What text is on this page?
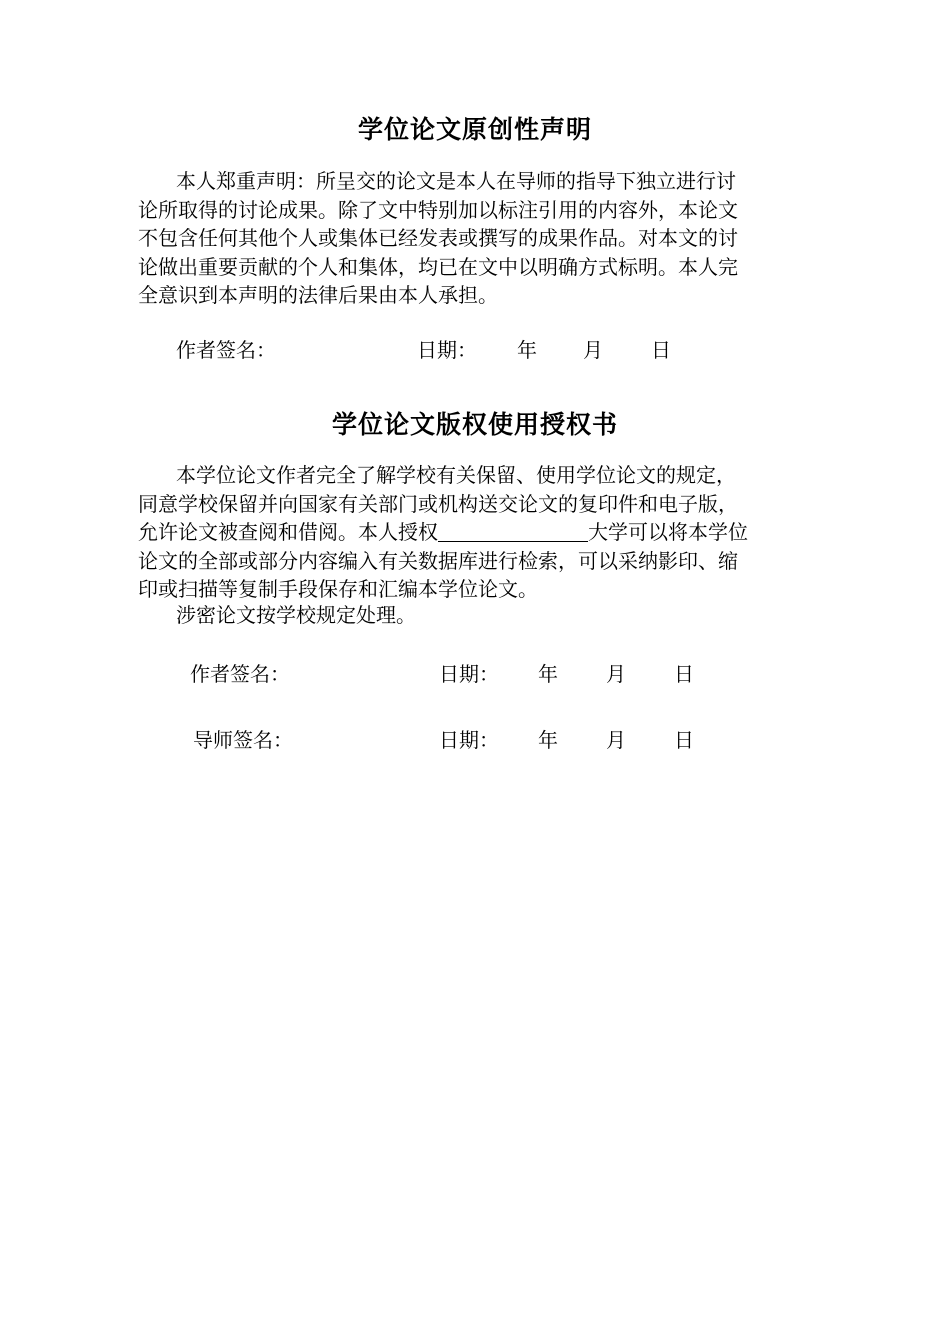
学位论文原创性声明
本人郑重声明：所呈交的论文是本人在导师的指导下独立进行讨
论所取得的讨论成果。除了文中特别加以标注引用的内容外，本论文
不包含任何其他个人或集体已经发表或撰写的成果作品。对本文的讨
论做出重要贡献的个人和集体，均已在文中以明确方式标明。本人完
全意识到本声明的法律后果由本人承担。
作者签名：	日期： 年 月 日
学位论文版权使用授权书
本学位论文作者完全了解学校有关保留、使用学位论文的规定，
同意学校保留并向国家有关部门或机构送交论文的复印件和电子版，
允许论文被查阅和借阅。本人授权	大学可以将本学位
论文的全部或部分内容编入有关数据库进行检索，可以采纳影印、缩
印或扫描等复制手段保存和汇编本学位论文。
涉密论文按学校规定处理。
作者签名：	日期： 年 月 日
导师签名：	日期： 年 月 日
